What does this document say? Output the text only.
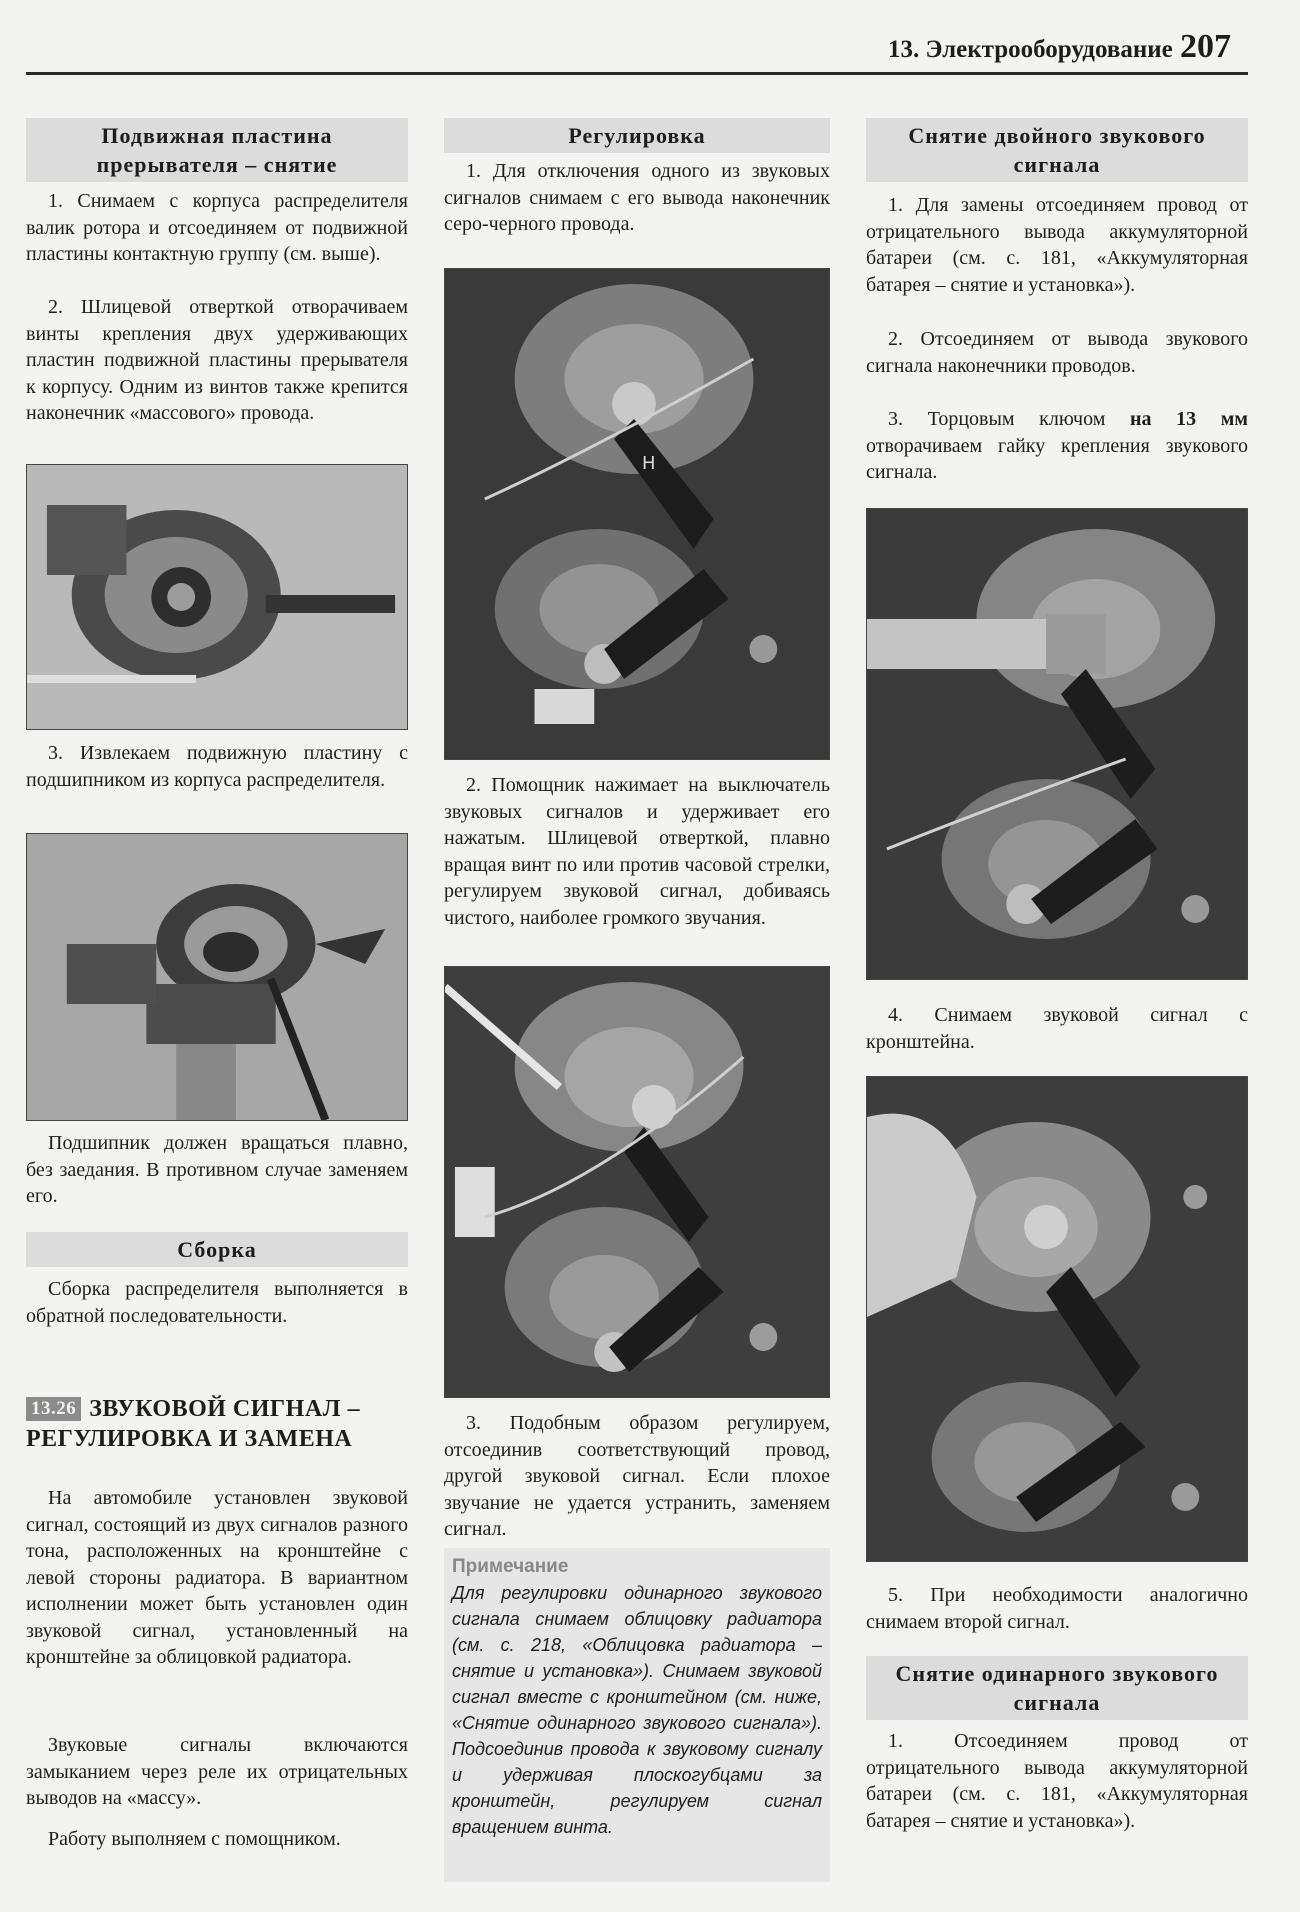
13. Электрооборудование 207
Подвижная пластина прерывателя – снятие

1. Снимаем с корпуса распределителя валик ротора и отсоединяем от подвижной пластины контактную группу (см. выше).

2. Шлицевой отверткой отворачиваем винты крепления двух удерживающих пластин подвижной пластины прерывателя к корпусу. Одним из винтов также крепится наконечник «массового» провода.

3. Извлекаем подвижную пластину с подшипником из корпуса распределителя.

Подшипник должен вращаться плавно, без заедания. В противном случае заменяем его.

Сборка

Сборка распределителя выполняется в обратной последовательности.

13.26 ЗВУКОВОЙ СИГНАЛ – РЕГУЛИРОВКА И ЗАМЕНА

На автомобиле установлен звуковой сигнал, состоящий из двух сигналов разного тона, расположенных на кронштейне с левой стороны радиатора. В вариантном исполнении может быть установлен один звуковой сигнал, установленный на кронштейне за облицовкой радиатора.

Звуковые сигналы включаются замыканием через реле их отрицательных выводов на «массу».

Работу выполняем с помощником.

Регулировка

1. Для отключения одного из звуковых сигналов снимаем с его вывода наконечник серо-черного провода.

Н

2. Помощник нажимает на выключатель звуковых сигналов и удерживает его нажатым. Шлицевой отверткой, плавно вращая винт по или против часовой стрелки, регулируем звуковой сигнал, добиваясь чистого, наиболее громкого звучания.

3. Подобным образом регулируем, отсоединив соответствующий провод, другой звуковой сигнал. Если плохое звучание не удается устранить, заменяем сигнал.

Примечание
Для регулировки одинарного звукового сигнала снимаем облицовку радиатора (см. с. 218, «Облицовка радиатора – снятие и установка»). Снимаем звуковой сигнал вместе с кронштейном (см. ниже, «Снятие одинарного звукового сигнала»). Подсоединив провода к звуковому сигналу и удерживая плоскогубцами за кронштейн, регулируем сигнал вращением винта.
Снятие двойного звукового сигнала

1. Для замены отсоединяем провод от отрицательного вывода аккумуляторной батареи (см. с. 181, «Аккумуляторная батарея – снятие и установка»).

2. Отсоединяем от вывода звукового сигнала наконечники проводов.

3. Торцовым ключом на 13 мм отворачиваем гайку крепления звукового сигнала.

4. Снимаем звуковой сигнал с кронштейна.

5. При необходимости аналогично снимаем второй сигнал.

Снятие одинарного звукового сигнала

1. Отсоединяем провод от отрицательного вывода аккумуляторной батареи (см. с. 181, «Аккумуляторная батарея – снятие и установка»).
